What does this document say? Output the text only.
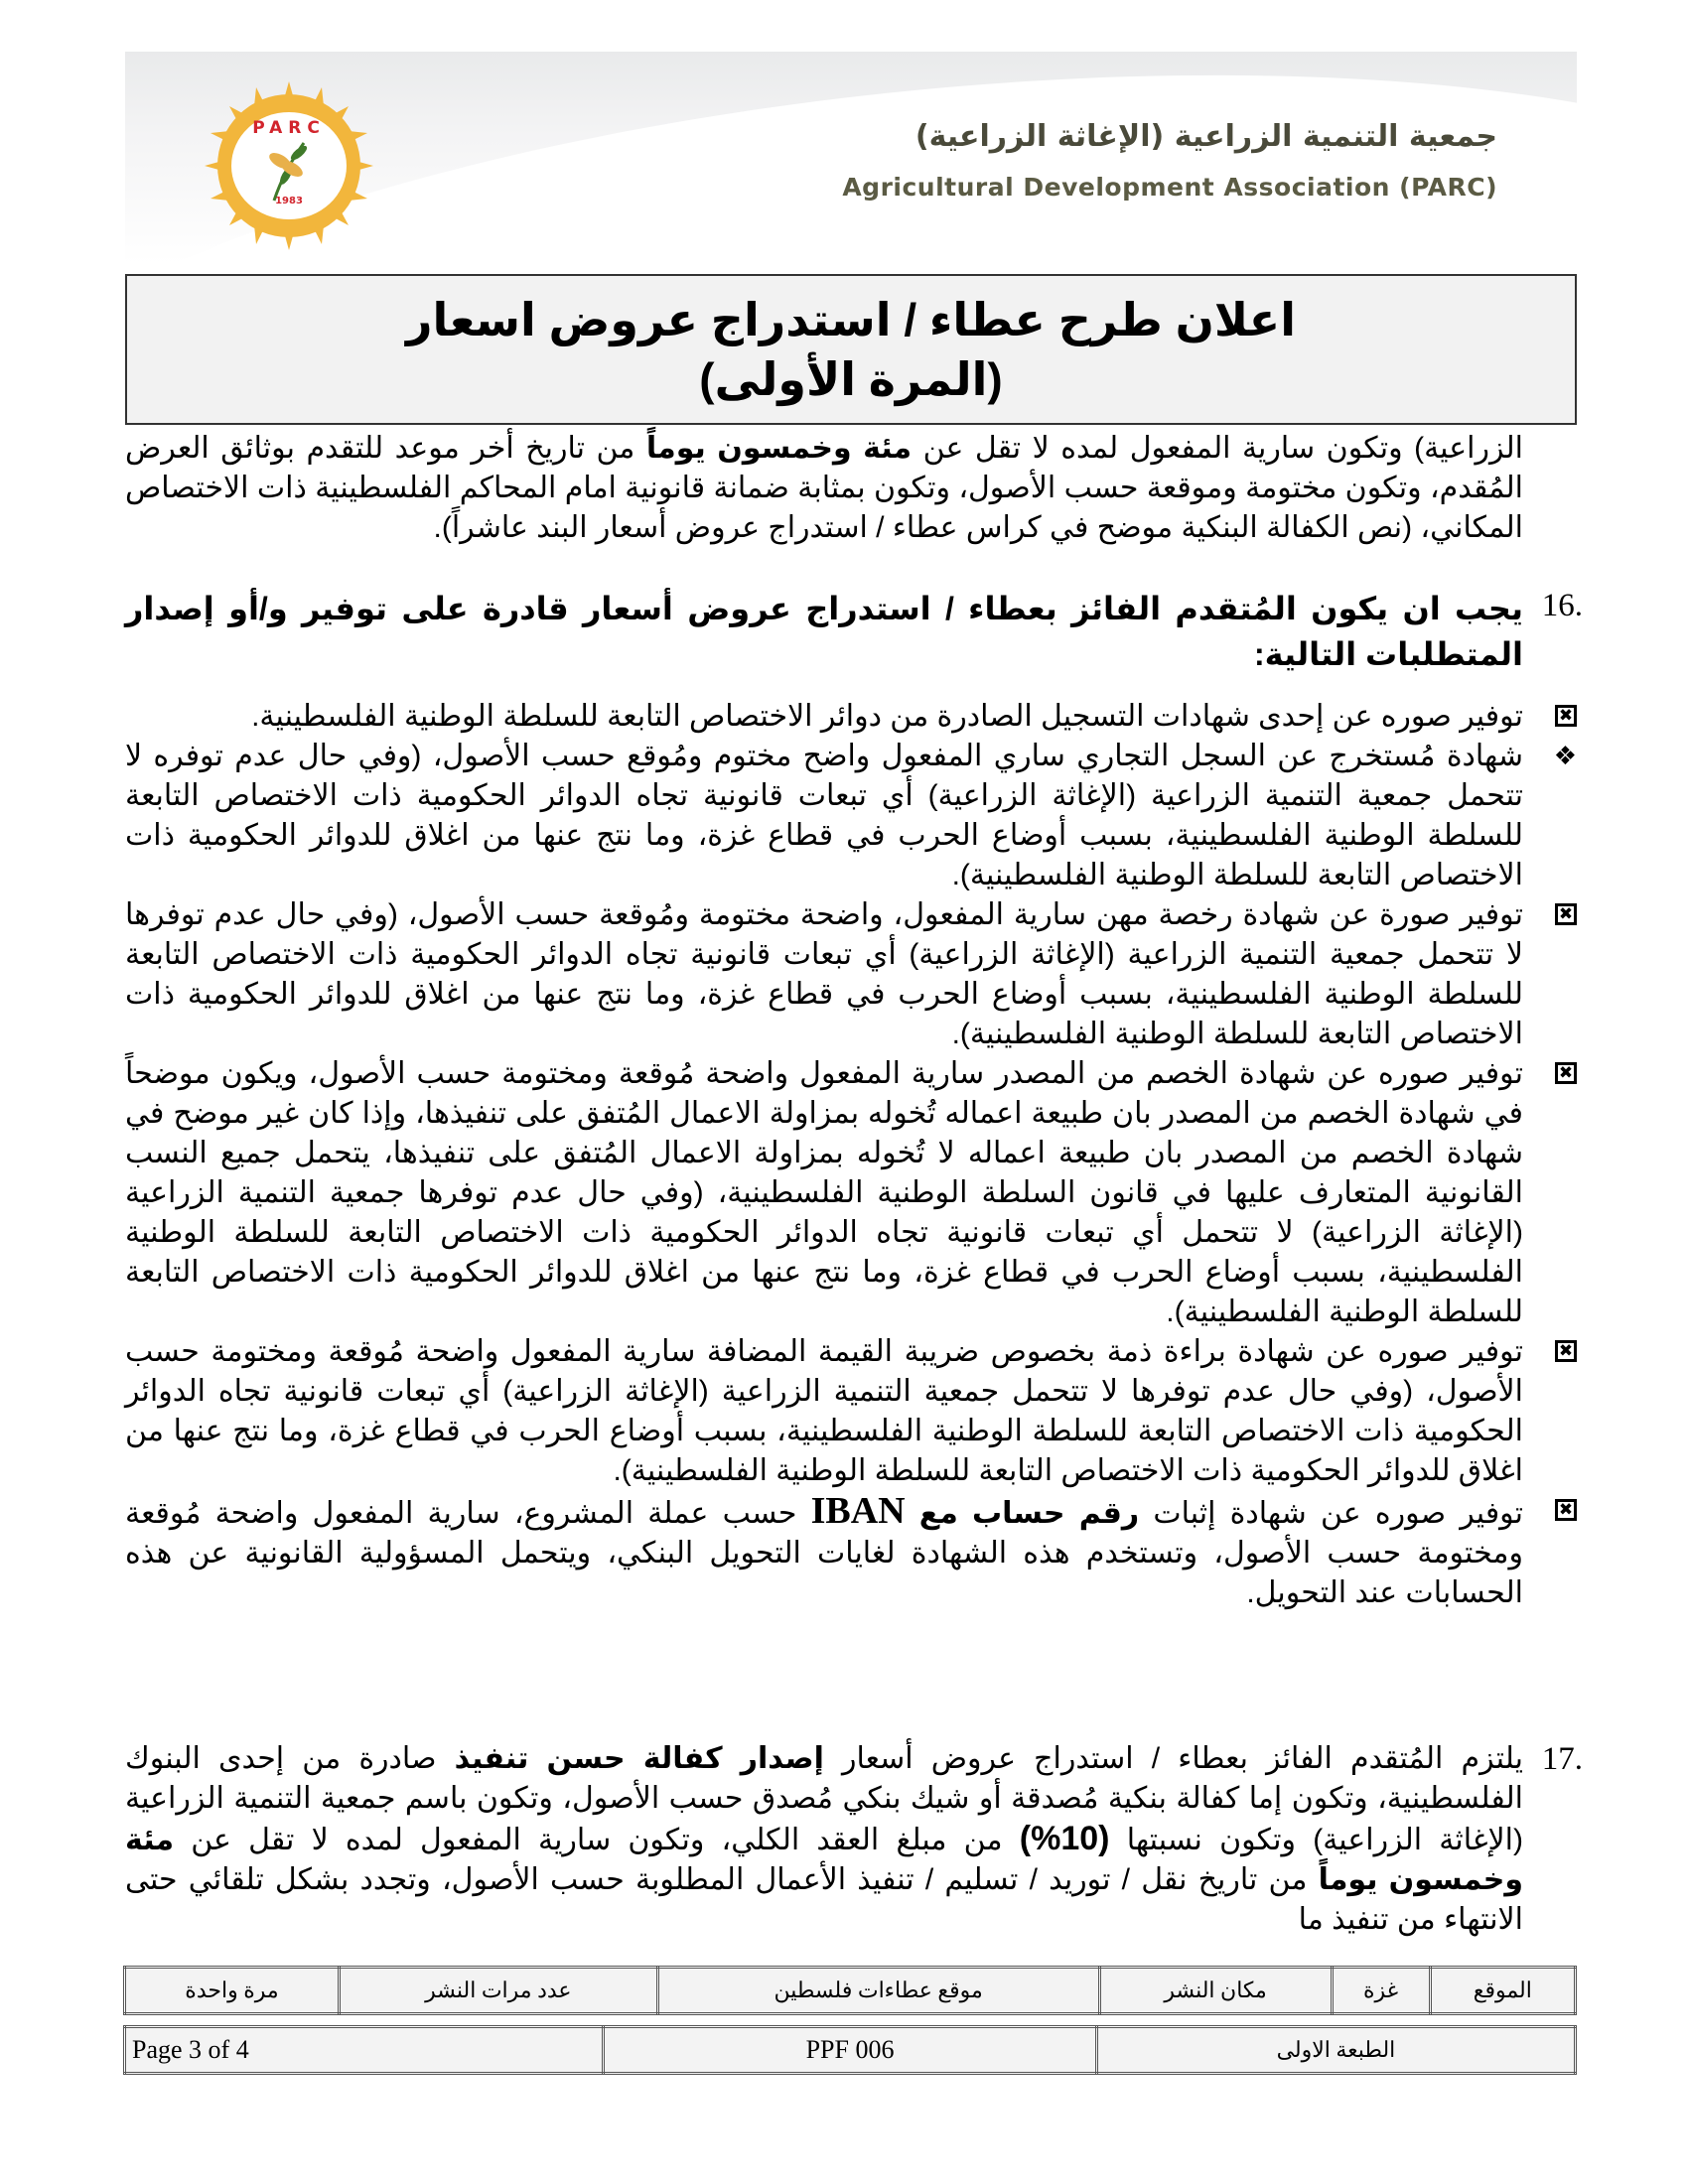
PARC
1983
جمعية التنمية الزراعية (الإغاثة الزراعية)
Agricultural Development Association (PARC)
اعلان طرح عطاء / استدراج عروض اسعار
(المرة الأولى)
الزراعية) وتكون سارية المفعول لمده لا تقل عن مئة وخمسون يوماً من تاريخ أخر موعد للتقدم بوثائق العرض المُقدم، وتكون مختومة وموقعة حسب الأصول، وتكون بمثابة ضمانة قانونية امام المحاكم الفلسطينية ذات الاختصاص المكاني، (نص الكفالة البنكية موضح في كراس عطاء / استدراج عروض أسعار البند عاشراً).
16.
يجب ان يكون المُتقدم الفائز بعطاء / استدراج عروض أسعار قادرة على توفير و/أو إصدار المتطلبات التالية:
✖
توفير صوره عن إحدى شهادات التسجيل الصادرة من دوائر الاختصاص التابعة للسلطة الوطنية الفلسطينية.
❖
شهادة مُستخرج عن السجل التجاري ساري المفعول واضح مختوم ومُوقع حسب الأصول، (وفي حال عدم توفره لا تتحمل جمعية التنمية الزراعية (الإغاثة الزراعية) أي تبعات قانونية تجاه الدوائر الحكومية ذات الاختصاص التابعة للسلطة الوطنية الفلسطينية، بسبب أوضاع الحرب في قطاع غزة، وما نتج عنها من اغلاق للدوائر الحكومية ذات الاختصاص التابعة للسلطة الوطنية الفلسطينية).
✖
توفير صورة عن شهادة رخصة مهن سارية المفعول، واضحة مختومة ومُوقعة حسب الأصول، (وفي حال عدم توفرها لا تتحمل جمعية التنمية الزراعية (الإغاثة الزراعية) أي تبعات قانونية تجاه الدوائر الحكومية ذات الاختصاص التابعة للسلطة الوطنية الفلسطينية، بسبب أوضاع الحرب في قطاع غزة، وما نتج عنها من اغلاق للدوائر الحكومية ذات الاختصاص التابعة للسلطة الوطنية الفلسطينية).
✖
توفير صوره عن شهادة الخصم من المصدر سارية المفعول واضحة مُوقعة ومختومة حسب الأصول، ويكون موضحاً في شهادة الخصم من المصدر بان طبيعة اعماله تُخوله بمزاولة الاعمال المُتفق على تنفيذها، وإذا كان غير موضح في شهادة الخصم من المصدر بان طبيعة اعماله لا تُخوله بمزاولة الاعمال المُتفق على تنفيذها، يتحمل جميع النسب القانونية المتعارف عليها في قانون السلطة الوطنية الفلسطينية، (وفي حال عدم توفرها جمعية التنمية الزراعية (الإغاثة الزراعية) لا تتحمل أي تبعات قانونية تجاه الدوائر الحكومية ذات الاختصاص التابعة للسلطة الوطنية الفلسطينية، بسبب أوضاع الحرب في قطاع غزة، وما نتج عنها من اغلاق للدوائر الحكومية ذات الاختصاص التابعة للسلطة الوطنية الفلسطينية).
✖
توفير صوره عن شهادة براءة ذمة بخصوص ضريبة القيمة المضافة سارية المفعول واضحة مُوقعة ومختومة حسب الأصول، (وفي حال عدم توفرها لا تتحمل جمعية التنمية الزراعية (الإغاثة الزراعية) أي تبعات قانونية تجاه الدوائر الحكومية ذات الاختصاص التابعة للسلطة الوطنية الفلسطينية، بسبب أوضاع الحرب في قطاع غزة، وما نتج عنها من اغلاق للدوائر الحكومية ذات الاختصاص التابعة للسلطة الوطنية الفلسطينية).
✖
توفير صوره عن شهادة إثبات رقم حساب مع IBAN حسب عملة المشروع، سارية المفعول واضحة مُوقعة ومختومة حسب الأصول، وتستخدم هذه الشهادة لغايات التحويل البنكي، ويتحمل المسؤولية القانونية عن هذه الحسابات عند التحويل.
17.
يلتزم المُتقدم الفائز بعطاء / استدراج عروض أسعار إصدار كفالة حسن تنفيذ صادرة من إحدى البنوك الفلسطينية، وتكون إما كفالة بنكية مُصدقة أو شيك بنكي مُصدق حسب الأصول، وتكون باسم جمعية التنمية الزراعية (الإغاثة الزراعية) وتكون نسبتها (10%) من مبلغ العقد الكلي، وتكون سارية المفعول لمده لا تقل عن مئة وخمسون يوماً من تاريخ نقل / توريد / تسليم / تنفيذ الأعمال المطلوبة حسب الأصول، وتجدد بشكل تلقائي حتى الانتهاء من تنفيذ ما
الموقع	غزة	مكان النشر	موقع عطاءات فلسطين	عدد مرات النشر	مرة واحدة
الطبعة الاولى	PPF 006	Page 3 of 4
